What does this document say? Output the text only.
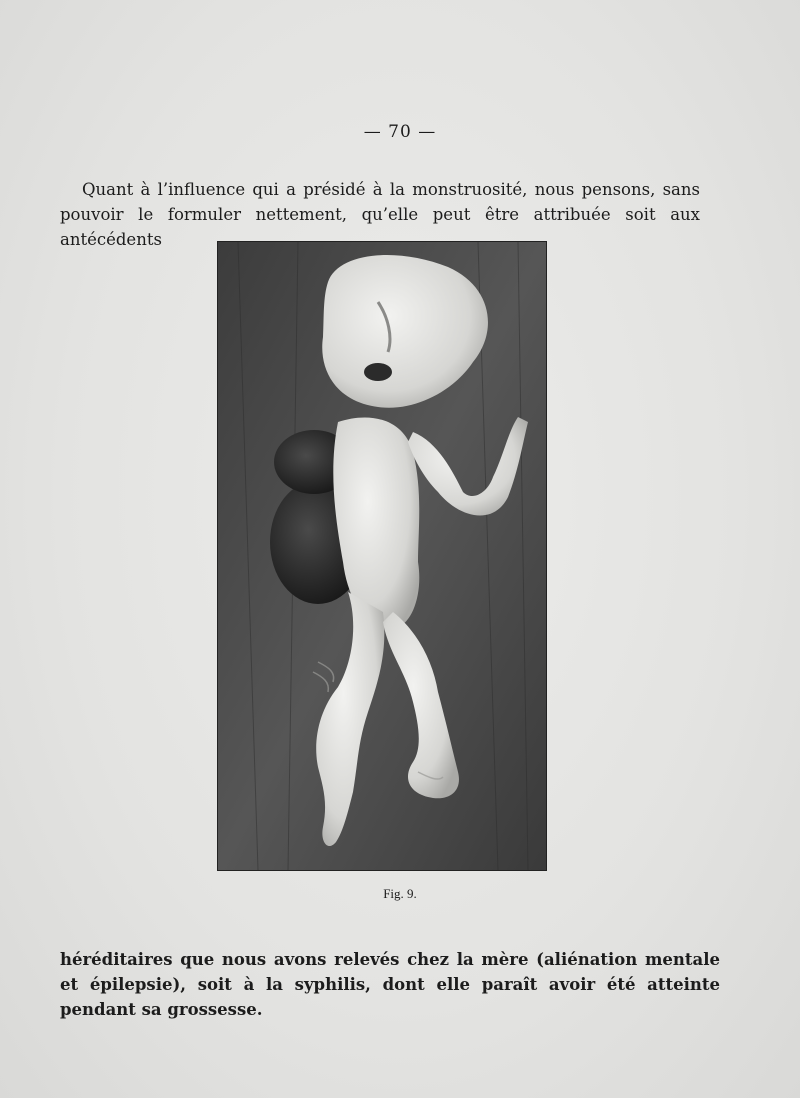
— 70 —

Quant à l’influence qui a présidé à la monstruosité, nous pensons, sans pouvoir le formuler nettement, qu’elle peut être attribuée soit aux antécédents

Fig. 9.

héréditaires que nous avons relevés chez la mère (aliénation mentale et épilepsie), soit à la syphilis, dont elle paraît avoir été atteinte pendant sa grossesse.
